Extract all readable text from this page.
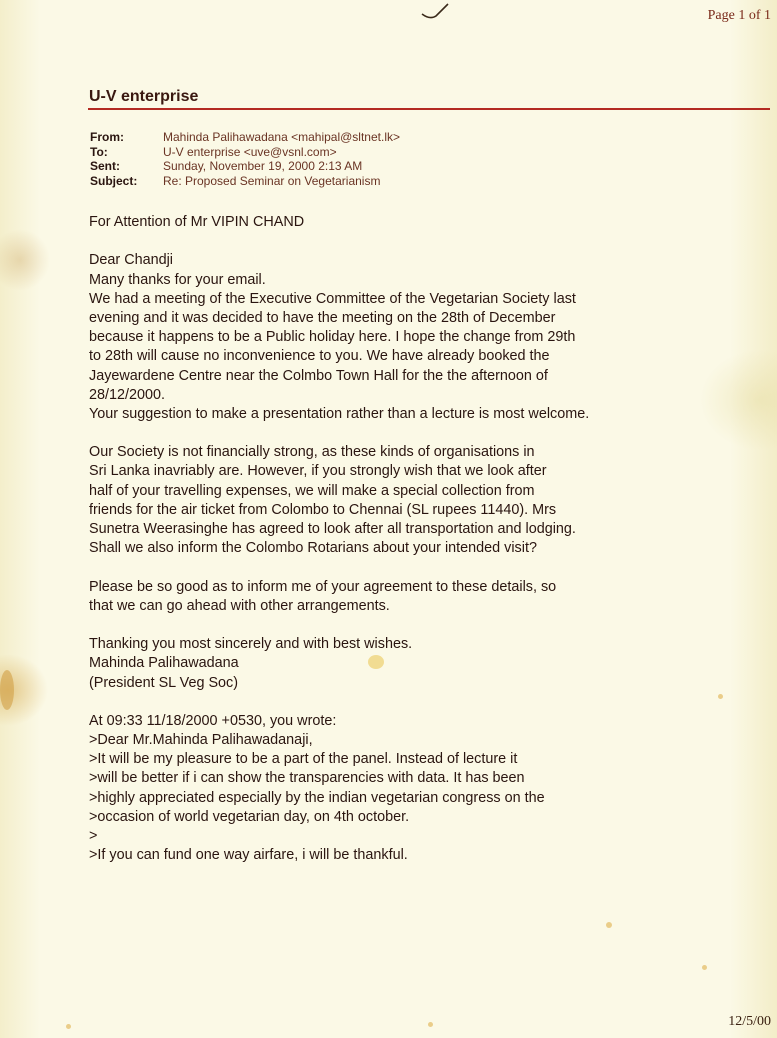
Page 1 of 1
U-V enterprise
From:	Mahinda Palihawadana <mahipal@sltnet.lk>
To:	U-V enterprise <uve@vsnl.com>
Sent:	Sunday, November 19, 2000 2:13 AM
Subject:	Re: Proposed Seminar on Vegetarianism
For Attention of Mr VIPIN CHAND
Dear Chandji
Many thanks for your email.
We had a meeting of the Executive Committee of the Vegetarian Society last
evening and it was decided to have the meeting on the 28th of December
because it happens to be a Public holiday here. I hope the change from 29th
to 28th will cause no inconvenience to you. We have already booked the
Jayewardene Centre near the Colmbo Town Hall for the the afternoon of
28/12/2000.
Your suggestion to make a presentation rather than a lecture is most welcome.
Our Society is not financially strong, as these kinds of organisations in
Sri Lanka inavriably are. However, if you strongly wish that we look after
half of your travelling expenses, we will make a special collection from
friends for the air ticket from Colombo to Chennai (SL rupees 11440). Mrs
Sunetra Weerasinghe has agreed to look after all transportation and lodging.
Shall we also inform the Colombo Rotarians about your intended visit?
Please be so good as to inform me of your agreement to these details, so
that we can go ahead with other arrangements.
Thanking you most sincerely and with best wishes.
Mahinda Palihawadana
(President SL Veg Soc)
At 09:33 11/18/2000 +0530, you wrote:
>Dear Mr.Mahinda Palihawadanaji,
>It will be my pleasure to be a part of the panel. Instead of lecture it
>will be better if i can show the transparencies with data. It has been
>highly appreciated especially by the indian vegetarian congress on the
>occasion of world vegetarian day, on 4th october.
>
>If you can fund one way airfare, i will be thankful.
12/5/00
